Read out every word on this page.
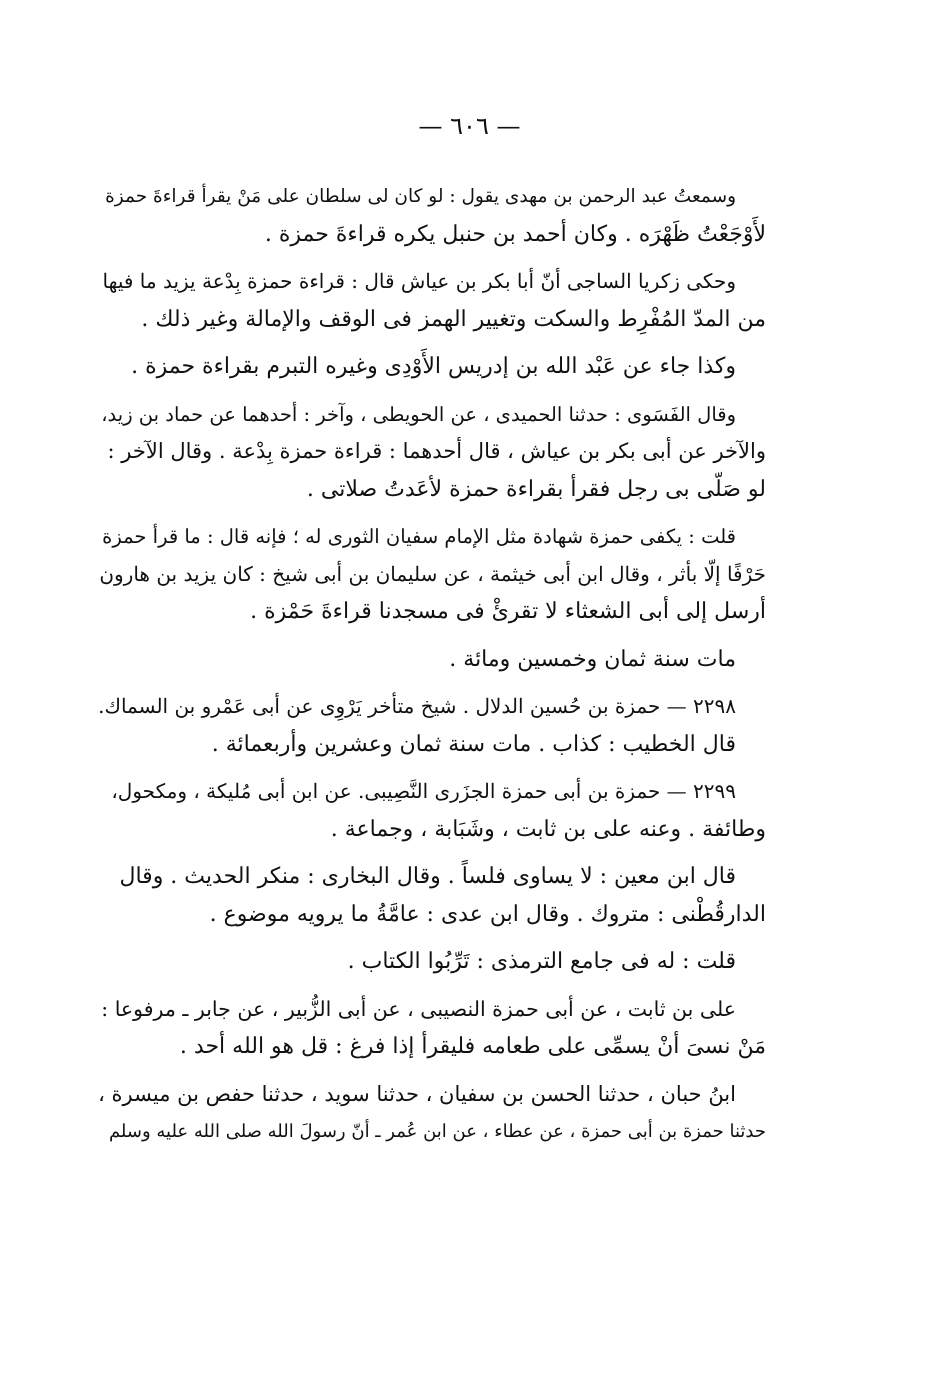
— ٦٠٦ —
وسمعتُ عبد الرحمن بن مهدى يقول : لو كان لى سلطان على مَنْ يقرأ قراءةَ حمزة
لأَوْجَعْتُ ظَهْرَه . وكان أحمد بن حنبل يكره قراءةَ حمزة .
وحكى زكريا الساجى أنّ أبا بكر بن عياش قال : قراءة حمزة بِدْعة يزيد ما فيها
من المدّ المُفْرِط والسكت وتغيير الهمز فى الوقف والإمالة وغير ذلك .
وكذا جاء عن عَبْد الله بن إدريس الأَوْدِى وغيره التبرم بقراءة حمزة .
وقال الفَسَوى : حدثنا الحميدى ، عن الحويطى ، وآخر : أحدهما عن حماد بن زيد،
والآخر عن أبى بكر بن عياش ، قال أحدهما : قراءة حمزة بِدْعة . وقال الآخر :
لو صَلّى بى رجل فقرأ بقراءة حمزة لأعَدتُ صلاتى .
قلت : يكفى حمزة شهادة مثل الإمام سفيان الثورى له ؛ فإنه قال : ما قرأ حمزة
حَرْفًا إلّا بأثر ، وقال ابن أبى خيثمة ، عن سليمان بن أبى شيخ : كان يزيد بن هارون
أرسل إلى أبى الشعثاء لا تقرئْ فى مسجدنا قراءةَ حَمْزة .
مات سنة ثمان وخمسين ومائة .
٢٢٩٨ — حمزة بن حُسين الدلال . شيخ متأخر يَرْوِى عن أبى عَمْرو بن السماك.
قال الخطيب : كذاب . مات سنة ثمان وعشرين وأربعمائة .
٢٢٩٩ — حمزة بن أبى حمزة الجزَرى النَّصِيبى. عن ابن أبى مُليكة ، ومكحول،
وطائفة . وعنه على بن ثابت ، وشَبَابة ، وجماعة .
قال ابن معين : لا يساوى فلساً . وقال البخارى : منكر الحديث . وقال
الدارقُطْنى : متروك . وقال ابن عدى : عامَّةُ ما يرويه موضوع .
قلت : له فى جامع الترمذى : تَرِّبُوا الكتاب .
على بن ثابت ، عن أبى حمزة النصيبى ، عن أبى الزُّبير ، عن جابر ـ مرفوعا :
مَنْ نسىَ أنْ يسمِّى على طعامه فليقرأ إذا فرغ : قل هو الله أحد .
ابنُ حبان ، حدثنا الحسن بن سفيان ، حدثنا سويد ، حدثنا حفص بن ميسرة ،
حدثنا حمزة بن أبى حمزة ، عن عطاء ، عن ابن عُمر ـ أنّ رسولَ الله صلى الله عليه وسلم
